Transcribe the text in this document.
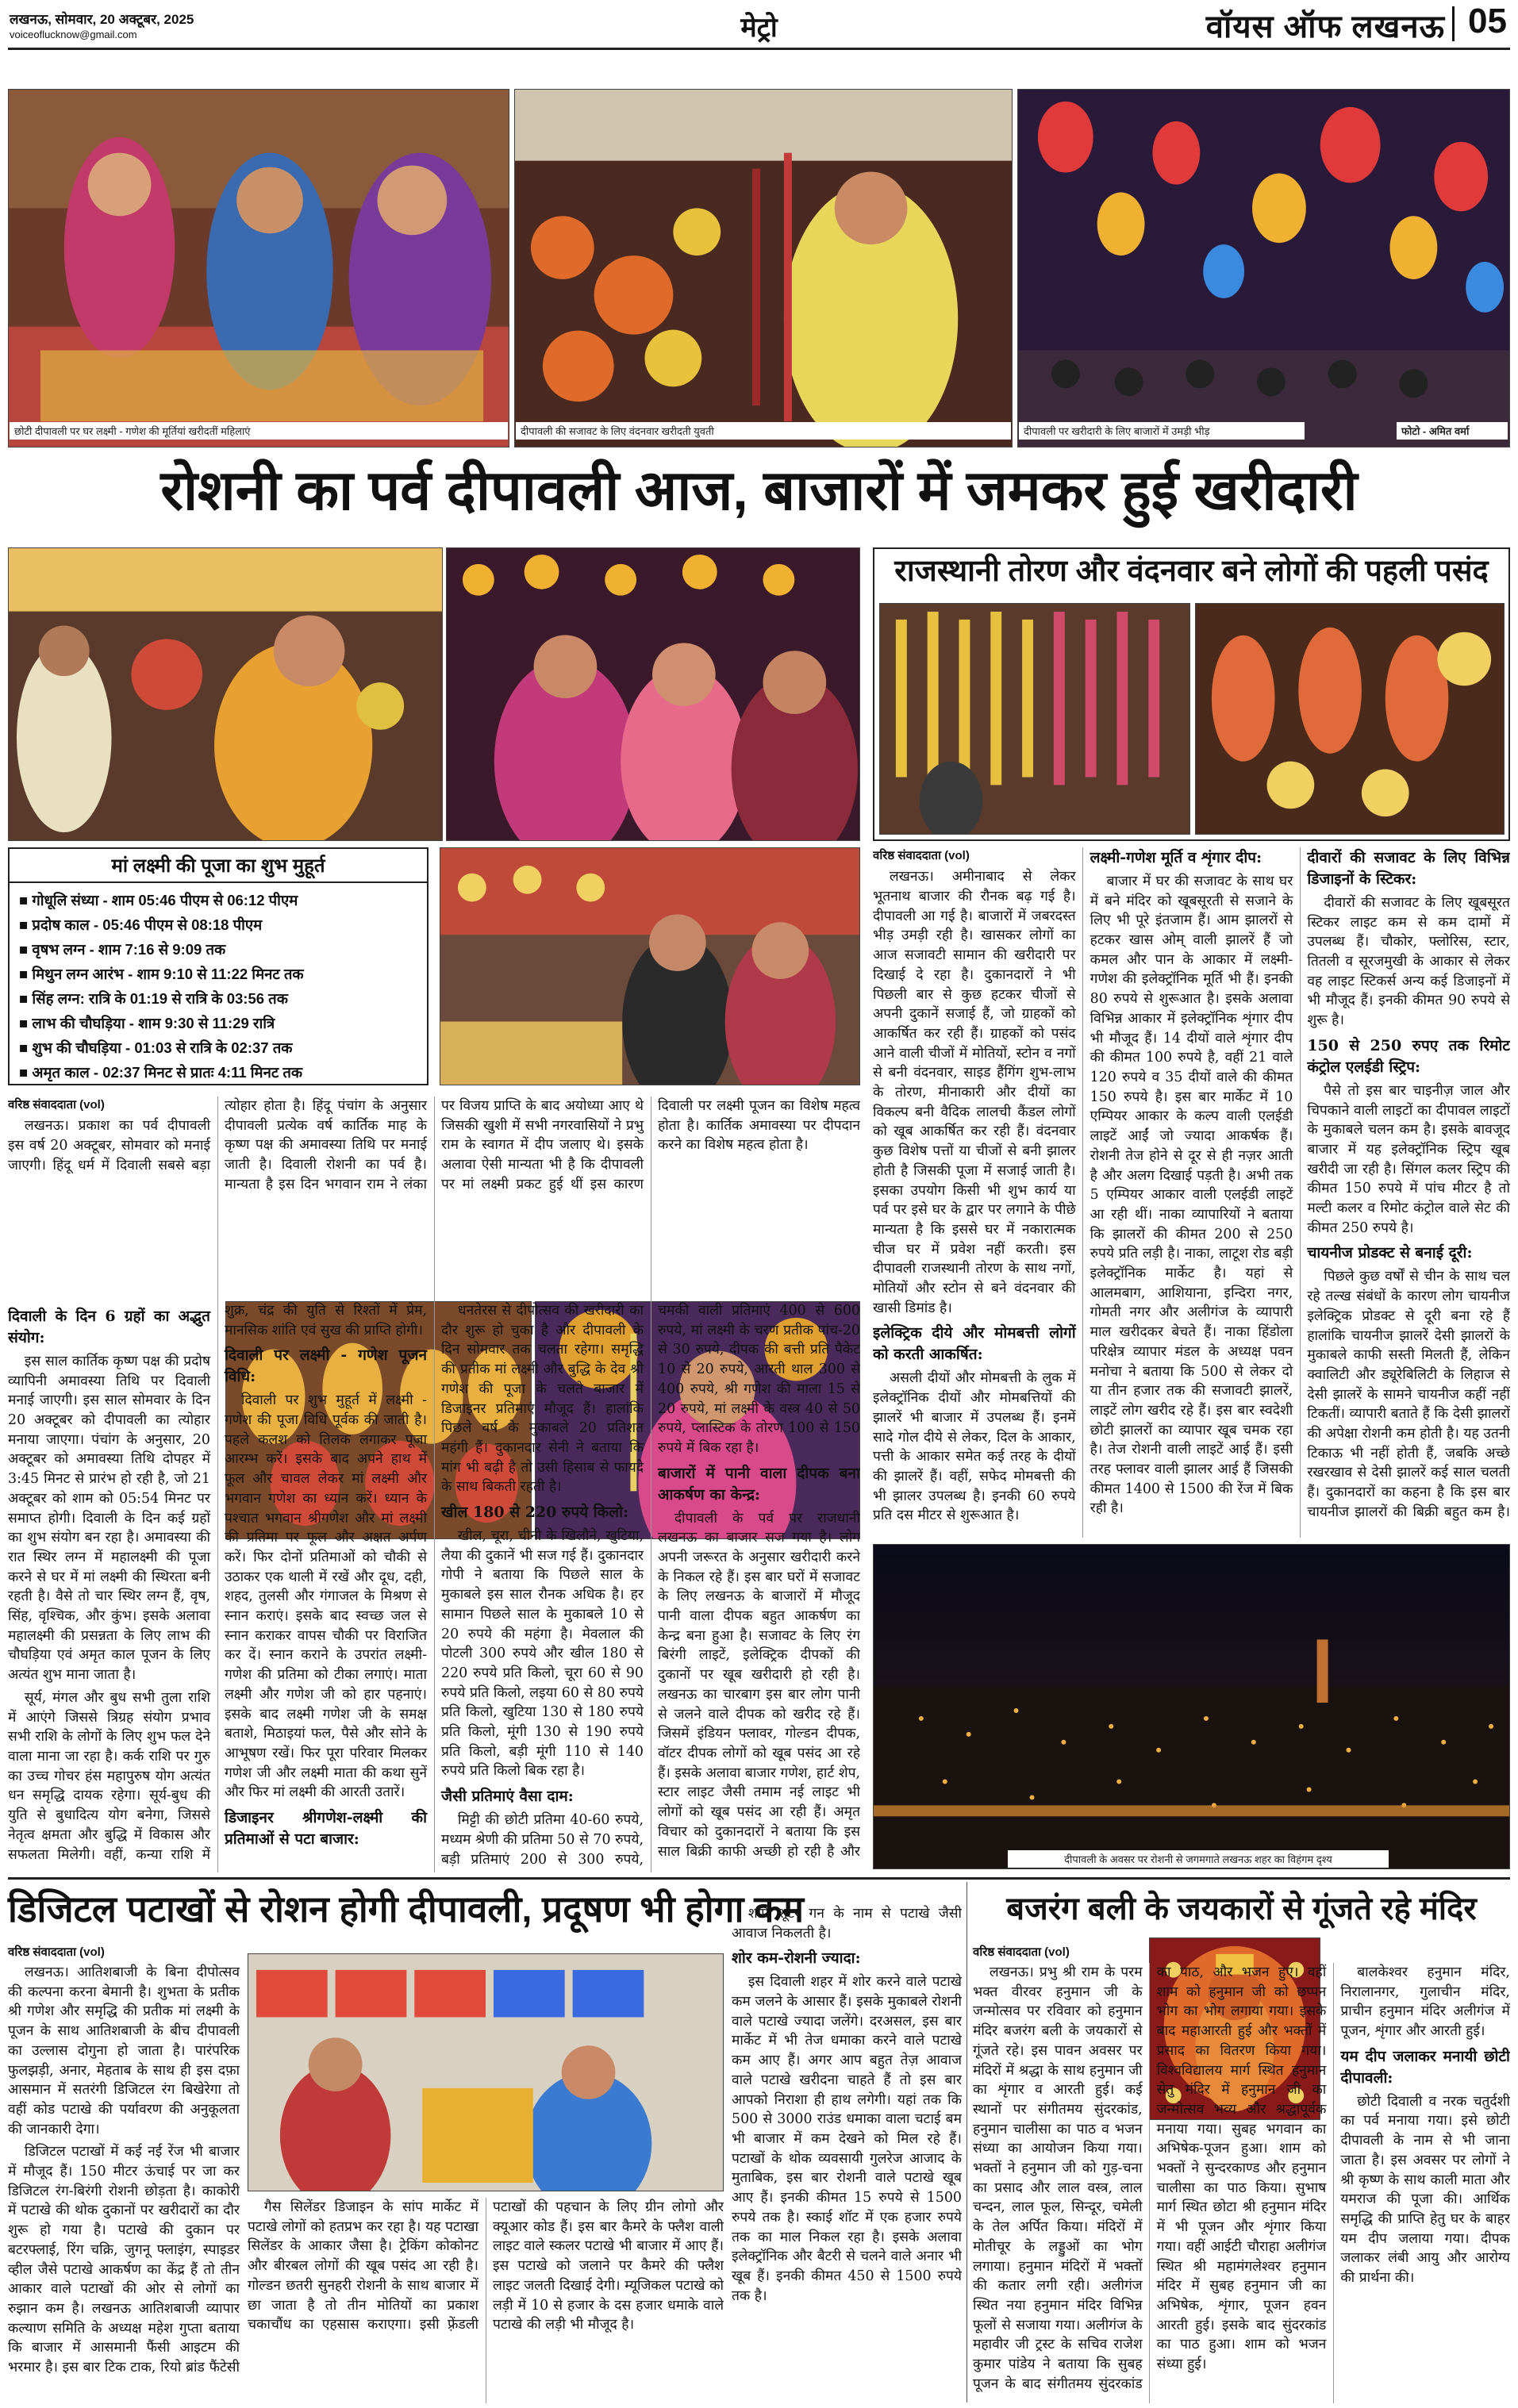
लखनऊ, सोमवार, 20 अक्टूबर, 2025
voiceoflucknow@gmail.com	मेट्रो	वॉयस ऑफ लखनऊ 05
छोटी दीपावली पर घर लक्ष्मी - गणेश की मूर्तियां खरीदतीं महिलाएं	दीपावली की सजावट के लिए वंदनवार खरीदती युवती	दीपावली पर खरीदारी के लिए बाजारों में उमड़ी भीड़	फोटो - अमित वर्मा
रोशनी का पर्व दीपावली आज, बाजारों में जमकर हुई खरीदारी
मां लक्ष्मी की पूजा का शुभ मुहूर्त
■ गोधूलि संध्या - शाम 05:46 पीएम से 06:12 पीएम
■ प्रदोष काल - 05:46 पीएम से 08:18 पीएम
■ वृषभ लग्न - शाम 7:16 से 9:09 तक
■ मिथुन लग्न आरंभ - शाम 9:10 से 11:22 मिनट तक
■ सिंह लग्न: रात्रि के 01:19 से रात्रि के 03:56 तक
■ लाभ की चौघड़िया - शाम 9:30 से 11:29 रात्रि
■ शुभ की चौघड़िया - 01:03 से रात्रि के 02:37 तक
■ अमृत काल - 02:37 मिनट से प्रातः 4:11 मिनट तक

वरिष्ठ संवाददाता (vol)

लखनऊ। प्रकाश का पर्व दीपावली इस वर्ष 20 अक्टूबर, सोमवार को मनाई जाएगी। हिंदू धर्म में दिवाली सबसे बड़ा त्योहार होता है। हिंदू पंचांग के अनुसार दीपावली प्रत्येक वर्ष कार्तिक माह के कृष्ण पक्ष की अमावस्या तिथि पर मनाई जाती है। दिवाली रोशनी का पर्व है। मान्यता है इस दिन भगवान राम ने लंका पर विजय प्राप्ति के बाद अयोध्या आए थे जिसकी खुशी में सभी नगरवासियों ने प्रभु राम के स्वागत में दीप जलाए थे। इसके अलावा ऐसी मान्यता भी है कि दीपावली पर मां लक्ष्मी प्रकट हुई थीं इस कारण दिवाली पर लक्ष्मी पूजन का विशेष महत्व होता है। कार्तिक अमावस्या पर दीपदान करने का विशेष महत्व होता है।

दिवाली के दिन 6 ग्रहों का अद्भुत संयोग:

इस साल कार्तिक कृष्ण पक्ष की प्रदोष व्यापिनी अमावस्या तिथि पर दिवाली मनाई जाएगी। इस साल सोमवार के दिन 20 अक्टूबर को दीपावली का त्योहार मनाया जाएगा। पंचांग के अनुसार, 20 अक्टूबर को अमावस्या तिथि दोपहर में 3:45 मिनट से प्रारंभ हो रही है, जो 21 अक्टूबर को शाम को 05:54 मिनट पर समाप्त होगी। दिवाली के दिन कई ग्रहों का शुभ संयोग बन रहा है। अमावस्या की रात स्थिर लग्न में महालक्ष्मी की पूजा करने से घर में मां लक्ष्मी की स्थिरता बनी रहती है। वैसे तो चार स्थिर लग्न हैं, वृष, सिंह, वृश्चिक, और कुंभ। इसके अलावा महालक्ष्मी की प्रसन्नता के लिए लाभ की चौघड़िया एवं अमृत काल पूजन के लिए अत्यंत शुभ माना जाता है।

सूर्य, मंगल और बुध सभी तुला राशि में आएंगे जिससे त्रिग्रह संयोग प्रभाव सभी राशि के लोगों के लिए शुभ फल देने वाला माना जा रहा है। कर्क राशि पर गुरु का उच्च गोचर हंस महापुरुष योग अत्यंत धन समृद्धि दायक रहेगा। सूर्य-बुध की युति से बुधादित्य योग बनेगा, जिससे नेतृत्व क्षमता और बुद्धि में विकास और सफलता मिलेगी। वहीं, कन्या राशि में शुक्र, चंद्र की युति से रिश्तों में प्रेम, मानसिक शांति एवं सुख की प्राप्ति होगी।

दिवाली पर लक्ष्मी - गणेश पूजन विधि:

दिवाली पर शुभ मुहूर्त में लक्ष्मी - गणेश की पूजा विधि पूर्वक की जाती है। पहले कलश को तिलक लगाकर पूजा आरम्भ करें। इसके बाद अपने हाथ में फूल और चावल लेकर मां लक्ष्मी और भगवान गणेश का ध्यान करें। ध्यान के पश्चात भगवान श्रीगणेश और मां लक्ष्मी की प्रतिमा पर फूल और अक्षत अर्पण करें। फिर दोनों प्रतिमाओं को चौकी से उठाकर एक थाली में रखें और दूध, दही, शहद, तुलसी और गंगाजल के मिश्रण से स्नान कराएं। इसके बाद स्वच्छ जल से स्नान कराकर वापस चौकी पर विराजित कर दें। स्नान कराने के उपरांत लक्ष्मी-गणेश की प्रतिमा को टीका लगाएं। माता लक्ष्मी और गणेश जी को हार पहनाएं। इसके बाद लक्ष्मी गणेश जी के समक्ष बताशे, मिठाइयां फल, पैसे और सोने के आभूषण रखें। फिर पूरा परिवार मिलकर गणेश जी और लक्ष्मी माता की कथा सुनें और फिर मां लक्ष्मी की आरती उतारें।

डिजाइनर श्रीगणेश-लक्ष्मी की प्रतिमाओं से पटा बाजार:

धनतेरस से दीपोत्सव की खरीदारी का दौर शुरू हो चुका है और दीपावली के दिन सोमवार तक चलता रहेगा। समृद्धि की प्रतीक मां लक्ष्मी और बुद्धि के देव श्री गणेश की पूजा के चलते बाजार में डिजाइनर प्रतिमाएं मौजूद हैं। हालांकि पिछले वर्ष के मुकाबले 20 प्रतिशत महंगी हैं। दुकानदार सेनी ने बताया कि मांग भी बढ़ी है तो उसी हिसाब से फायदे के साथ बिकती रहती है।

खील 180 से 220 रुपये किलो:

खील, चूरा, चीनी के खिलौने, खुटिया, लैया की दुकानें भी सज गई हैं। दुकानदार गोपी ने बताया कि पिछले साल के मुकाबले इस साल रौनक अधिक है। हर सामान पिछले साल के मुकाबले 10 से 20 रुपये की महंगा है। मेवलाल की पोटली 300 रुपये और खील 180 से 220 रुपये प्रति किलो, चूरा 60 से 90 रुपये प्रति किलो, लइया 60 से 80 रुपये प्रति किलो, खुटिया 130 से 180 रुपये प्रति किलो, मूंगी 130 से 190 रुपये प्रति किलो, बड़ी मूंगी 110 से 140 रुपये प्रति किलो बिक रहा है।

जैसी प्रतिमाएं वैसा दाम:

मिट्टी की छोटी प्रतिमा 40-60 रुपये, मध्यम श्रेणी की प्रतिमा 50 से 70 रुपये, बड़ी प्रतिमाएं 200 से 300 रुपये, चमकी वाली प्रतिमाएं 400 से 600 रुपये, मां लक्ष्मी के चरण प्रतीक पांच-20 से 30 रुपये, दीपक की बत्ती प्रति पैकेट 10 से 20 रुपये, आरती थाल 300 से 400 रुपये, श्री गणेश की माला 15 से 20 रुपये, मां लक्ष्मी के वस्त्र 40 से 50 रुपये, प्लास्टिक के तोरण 100 से 150 रुपये में बिक रहा है।

बाजारों में पानी वाला दीपक बना आकर्षण का केन्द्र:

दीपावली के पर्व पर राजधानी लखनऊ का बाजार सज गया है। लोग अपनी जरूरत के अनुसार खरीदारी करने के निकल रहे हैं। इस बार घरों में सजावट के लिए लखनऊ के बाजारों में मौजूद पानी वाला दीपक बहुत आकर्षण का केन्द्र बना हुआ है। सजावट के लिए रंग बिरंगी लाइटें, इलेक्ट्रिक दीपकों की दुकानों पर खूब खरीदारी हो रही है। लखनऊ का चारबाग इस बार लोग पानी से जलने वाले दीपक को खरीद रहे हैं। जिसमें इंडियन फ्लावर, गोल्डन दीपक, वॉटर दीपक लोगों को खूब पसंद आ रहे हैं। इसके अलावा बाजार गणेश, हार्ट शेप, स्टार लाइट जैसी तमाम नई लाइट भी लोगों को खूब पसंद आ रही हैं। अमृत विचार को दुकानदारों ने बताया कि इस साल बिक्री काफी अच्छी हो रही है और

राजस्थानी तोरण और वंदनवार बने लोगों की पहली पसंद

वरिष्ठ संवाददाता (vol)

लखनऊ। अमीनाबाद से लेकर भूतनाथ बाजार की रौनक बढ़ गई है। दीपावली आ गई है। बाजारों में जबरदस्त भीड़ उमड़ी रही है। खासकर लोगों का आज सजावटी सामान की खरीदारी पर दिखाई दे रहा है। दुकानदारों ने भी पिछली बार से कुछ हटकर चीजों से अपनी दुकानें सजाई हैं, जो ग्राहकों को आकर्षित कर रही हैं। ग्राहकों को पसंद आने वाली चीजों में मोतियों, स्टोन व नगों से बनी वंदनवार, साइड हैंगिंग शुभ-लाभ के तोरण, मीनाकारी और दीयों का विकल्प बनी वैदिक लालची कैंडल लोगों को खूब आकर्षित कर रही हैं। वंदनवार कुछ विशेष पत्तों या चीजों से बनी झालर होती है जिसकी पूजा में सजाई जाती है। इसका उपयोग किसी भी शुभ कार्य या पर्व पर इसे घर के द्वार पर लगाने के पीछे मान्यता है कि इससे घर में नकारात्मक चीज घर में प्रवेश नहीं करती। इस दीपावली राजस्थानी तोरण के साथ नगों, मोतियों और स्टोन से बने वंदनवार की खासी डिमांड है।

इलेक्ट्रिक दीये और मोमबत्ती लोगों को करती आकर्षित:

असली दीयों और मोमबत्ती के लुक में इलेक्ट्रॉनिक दीयों और मोमबत्तियों की झालरें भी बाजार में उपलब्ध हैं। इनमें सादे गोल दीये से लेकर, दिल के आकार, पत्ती के आकार समेत कई तरह के दीयों की झालरें हैं। वहीं, सफेद मोमबत्ती की भी झालर उपलब्ध है। इनकी 60 रुपये प्रति दस मीटर से शुरूआत है।

लक्ष्मी-गणेश मूर्ति व शृंगार दीप:

बाजार में घर की सजावट के साथ घर में बने मंदिर को खूबसूरती से सजाने के लिए भी पूरे इंतजाम हैं। आम झालरों से हटकर खास ओम् वाली झालरें हैं जो कमल और पान के आकार में लक्ष्मी-गणेश की इलेक्ट्रॉनिक मूर्ति भी हैं। इनकी 80 रुपये से शुरूआत है। इसके अलावा विभिन्न आकार में इलेक्ट्रॉनिक शृंगार दीप भी मौजूद हैं। 14 दीयों वाले शृंगार दीप की कीमत 100 रुपये है, वहीं 21 वाले 120 रुपये व 35 दीयों वाले की कीमत 150 रुपये है। इस बार मार्केट में 10 एम्पियर आकार के कल्प वाली एलईडी लाइटें आईं जो ज्यादा आकर्षक हैं। रोशनी तेज होने से दूर से ही नज़र आती है और अलग दिखाई पड़ती है। अभी तक 5 एम्पियर आकार वाली एलईडी लाइटें आ रही थीं। नाका व्यापारियों ने बताया कि झालरों की कीमत 200 से 250 रुपये प्रति लड़ी है। नाका, लाटूश रोड बड़ी इलेक्ट्रॉनिक मार्केट है। यहां से आलमबाग, आशियाना, इन्दिरा नगर, गोमती नगर और अलीगंज के व्यापारी माल खरीदकर बेचते हैं। नाका हिंडोला परिक्षेत्र व्यापार मंडल के अध्यक्ष पवन मनोचा ने बताया कि 500 से लेकर दो या तीन हजार तक की सजावटी झालरें, लाइटें लोग खरीद रहे हैं। इस बार स्वदेशी छोटी झालरों का व्यापार खूब चमक रहा है। तेज रोशनी वाली लाइटें आई हैं। इसी तरह फ्लावर वाली झालर आई हैं जिसकी कीमत 1400 से 1500 की रेंज में बिक रही है।

दीवारों की सजावट के लिए विभिन्न डिजाइनों के स्टिकर:

दीवारों की सजावट के लिए खूबसूरत स्टिकर लाइट कम से कम दामों में उपलब्ध हैं। चौकोर, फ्लोरिस, स्टार, तितली व सूरजमुखी के आकार से लेकर वह लाइट स्टिकर्स अन्य कई डिजाइनों में भी मौजूद हैं। इनकी कीमत 90 रुपये से शुरू है।

150 से 250 रुपए तक रिमोट कंट्रोल एलईडी स्ट्रिप:

पैसे तो इस बार चाइनीज़ जाल और चिपकाने वाली लाइटों का दीपावल लाइटों के मुकाबले चलन कम है। इसके बावजूद बाजार में यह इलेक्ट्रॉनिक स्ट्रिप खूब खरीदी जा रही है। सिंगल कलर स्ट्रिप की कीमत 150 रुपये में पांच मीटर है तो मल्टी कलर व रिमोट कंट्रोल वाले सेट की कीमत 250 रुपये है।

चायनीज प्रोडक्ट से बनाई दूरी:

पिछले कुछ वर्षों से चीन के साथ चल रहे तल्ख संबंधों के कारण लोग चायनीज इलेक्ट्रिक प्रोडक्ट से दूरी बना रहे हैं हालांकि चायनीज झालरें देसी झालरों के मुकाबले काफी सस्ती मिलती हैं, लेकिन क्वालिटी और ड्यूरेबिलिटी के लिहाज से देसी झालरें के सामने चायनीज कहीं नहीं टिकतीं। व्यापारी बताते हैं कि देसी झालरों की अपेक्षा रोशनी कम होती है। यह उतनी टिकाऊ भी नहीं होती हैं, जबकि अच्छे रखरखाव से देसी झालरें कई साल चलती हैं। दुकानदारों का कहना है कि इस बार चायनीज झालरों की बिक्री बहुत कम है।

दीपावली के अवसर पर रोशनी से जगमगाते लखनऊ शहर का विहंगम दृश्य
डिजिटल पटाखों से रोशन होगी दीपावली, प्रदूषण भी होगा कम
वरिष्ठ संवाददाता (vol)

लखनऊ। आतिशबाजी के बिना दीपोत्सव की कल्पना करना बेमानी है। शुभता के प्रतीक श्री गणेश और समृद्धि की प्रतीक मां लक्ष्मी के पूजन के साथ आतिशबाजी के बीच दीपावली का उल्लास दोगुना हो जाता है। पारंपरिक फुलझड़ी, अनार, मेहताब के साथ ही इस दफ़ा आसमान में सतरंगी डिजिटल रंग बिखेरेगा तो वहीं कोड पटाखे की पर्यावरण की अनुकूलता की जानकारी देगा।

डिजिटल पटाखों में कई नई रेंज भी बाजार में मौजूद हैं। 150 मीटर ऊंचाई पर जा कर डिजिटल रंग-बिरंगी रोशनी छोड़ता है। काकोरी में पटाखे की थोक दुकानों पर खरीदारों का दौर शुरू हो गया है। पटाखे की दुकान पर बटरफ्लाई, रिंग चक्रि, जुगनू फ्लाइंग, स्पाइडर व्हील जैसे पटाखे आकर्षण का केंद्र हैं तो तीन आकार वाले पटाखों की ओर से लोगों का रुझान कम है। लखनऊ आतिशबाजी व्यापार कल्याण समिति के अध्यक्ष महेश गुप्ता बताया कि बाजार में आसमानी फैंसी आइटम की भरमार है। इस बार टिक टाक, रियो ब्रांड फैंटेसी

गैस सिलेंडर डिजाइन के सांप मार्केट में पटाखे लोगों को हतप्रभ कर रहा है। यह पटाखा सिलेंडर के आकार जैसा है। ट्रेकिंग कोकोनट और बीरबल लोगों की खूब पसंद आ रही है। गोल्डन छतरी सुनहरी रोशनी के साथ बाजार में छा जाता है तो तीन मोतियों का प्रकाश चकाचौंध का एहसास कराएगा। इसी फ़्रेंडली पटाखों की पहचान के लिए ग्रीन लोगो और क्यूआर कोड हैं। इस बार कैमरे के फ्लैश वाली लाइट वाले स्कलर पटाखे भी बाजार में आए हैं। इस पटाखे को जलाने पर कैमरे की फ्लैश लाइट जलती दिखाई देगी। म्यूजिकल पटाखे को लड़ी में 10 से हजार के दस हजार धमाके वाले पटाखे की लड़ी भी मौजूद है।

शार्प शूटर गन के नाम से पटाखे जैसी आवाज निकलती है।

शोर कम-रोशनी ज्यादा:

इस दिवाली शहर में शोर करने वाले पटाखे कम जलने के आसार हैं। इसके मुकाबले रोशनी वाले पटाखे ज्यादा जलेंगे। दरअसल, इस बार मार्केट में भी तेज धमाका करने वाले पटाखे कम आए हैं। अगर आप बहुत तेज़ आवाज वाले पटाखे खरीदना चाहते हैं तो इस बार आपको निराशा ही हाथ लगेगी। यहां तक कि 500 से 3000 राउंड धमाका वाला चटाई बम भी बाजार में कम देखने को मिल रहे हैं। पटाखों के थोक व्यवसायी गुलरेज आजाद के मुताबिक, इस बार रोशनी वाले पटाखे खूब आए हैं। इनकी कीमत 15 रुपये से 1500 रुपये तक है। स्काई शॉट में एक हजार रुपये तक का माल निकल रहा है। इसके अलावा इलेक्ट्रॉनिक और बैटरी से चलने वाले अनार भी खूब हैं। इनकी कीमत 450 से 1500 रुपये तक है।

बजरंग बली के जयकारों से गूंजते रहे मंदिर
वरिष्ठ संवाददाता (vol)

लखनऊ। प्रभु श्री राम के परम भक्त वीरवर हनुमान जी के जन्मोत्सव पर रविवार को हनुमान मंदिर बजरंग बली के जयकारों से गूंजते रहे। इस पावन अवसर पर मंदिरों में श्रद्धा के साथ हनुमान जी का शृंगार व आरती हुई। कई स्थानों पर संगीतमय सुंदरकांड, हनुमान चालीसा का पाठ व भजन संध्या का आयोजन किया गया। भक्तों ने हनुमान जी को गुड़-चना का प्रसाद और लाल वस्त्र, लाल चन्दन, लाल फूल, सिन्दूर, चमेली के तेल अर्पित किया। मंदिरों में मोतीचूर के लड्डुओं का भोग लगाया। हनुमान मंदिरों में भक्तों की कतार लगी रही। अलीगंज स्थित नया हनुमान मंदिर विभिन्न फूलों से सजाया गया। अलीगंज के महावीर जी ट्रस्ट के सचिव राजेश कुमार पांडेय ने बताया कि सुबह पूजन के बाद संगीतमय सुंदरकांड का पाठ, और भजन हुए। वहीं शाम को हनुमान जी को छप्पन भोग का भोग लगाया गया। इसके बाद महाआरती हुई और भक्तों में प्रसाद का वितरण किया गया। विश्वविद्यालय मार्ग स्थित हनुमान सेतु मंदिर में हनुमान जी का जन्मोत्सव भव्य और श्रद्धापूर्वक मनाया गया। सुबह भगवान का अभिषेक-पूजन हुआ। शाम को भक्तों ने सुन्दरकाण्ड और हनुमान चालीसा का पाठ किया। सुभाष मार्ग स्थित छोटा श्री हनुमान मंदिर में भी पूजन और शृंगार किया गया। वहीं आईटी चौराहा अलीगंज स्थित श्री महामंगलेश्वर हनुमान मंदिर में सुबह हनुमान जी का अभिषेक, शृंगार, पूजन हवन आरती हुई। इसके बाद सुंदरकांड का पाठ हुआ। शाम को भजन संध्या हुई।

बालकेश्वर हनुमान मंदिर, निरालानगर, गुलाचीन मंदिर, प्राचीन हनुमान मंदिर अलीगंज में पूजन, शृंगार और आरती हुई।

यम दीप जलाकर मनायी छोटी दीपावली:

छोटी दिवाली व नरक चतुर्दशी का पर्व मनाया गया। इसे छोटी दीपावली के नाम से भी जाना जाता है। इस अवसर पर लोगों ने श्री कृष्ण के साथ काली माता और यमराज की पूजा की। आर्थिक समृद्धि की प्राप्ति हेतु घर के बाहर यम दीप जलाया गया। दीपक जलाकर लंबी आयु और आरोग्य की प्रार्थना की।
